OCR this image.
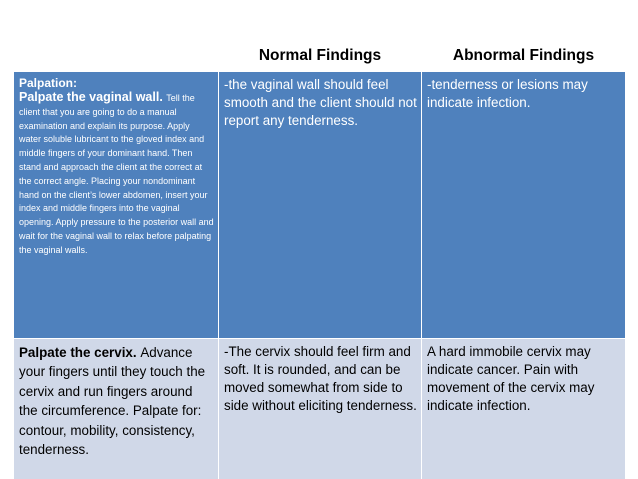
	Normal Findings	Abnormal Findings

Palpation:
Palpate the vaginal wall. Tell the client that you are going to do a manual examination and explain its purpose. Apply water soluble lubricant to the gloved index and middle fingers of your dominant hand. Then stand and approach the client at the correct at the correct angle. Placing your nondominant hand on the client’s lower abdomen, insert your index and middle fingers into the vaginal opening. Apply pressure to the posterior wall and wait for the vaginal wall to relax before palpating the vaginal walls.	-the vaginal wall should feel smooth and the client should not report any tenderness.	-tenderness or lesions may indicate infection.
Palpate the cervix. Advance your fingers until they touch the cervix and run fingers around the circumference. Palpate for: contour, mobility, consistency, tenderness.	-The cervix should feel firm and soft. It is rounded, and can be moved somewhat from side to side without eliciting tenderness.	A hard immobile cervix may indicate cancer. Pain with movement of the cervix may indicate infection.
